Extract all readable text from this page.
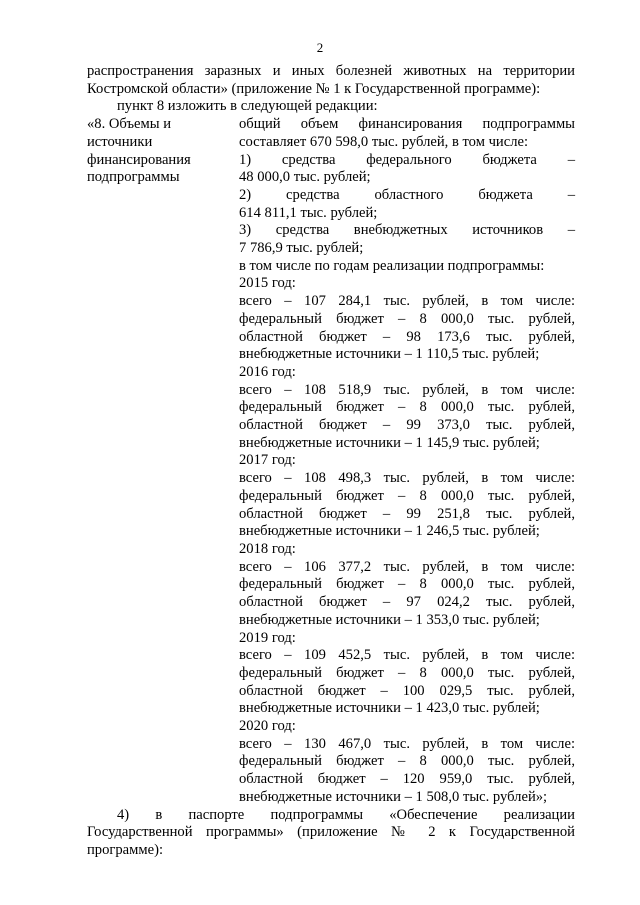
2

распространения заразных и иных болезней животных на территории

Костромской области» (приложение № 1 к Государственной программе):

пункт 8 изложить в следующей редакции:

«8. Объемы и

источники

финансирования

подпрограммы

общий объем финансирования подпрограммы

составляет 670 598,0 тыс. рублей, в том числе:

1) средства федерального бюджета –

48 000,0 тыс. рублей;

2) средства областного бюджета –

614 811,1 тыс. рублей;

3) средства внебюджетных источников –

7 786,9 тыс. рублей;

в том числе по годам реализации подпрограммы:

2015 год:

всего – 107 284,1 тыс. рублей, в том числе:

федеральный бюджет – 8 000,0 тыс. рублей,

областной бюджет – 98 173,6 тыс. рублей,

внебюджетные источники – 1 110,5 тыс. рублей;

2016 год:

всего – 108 518,9 тыс. рублей, в том числе:

федеральный бюджет – 8 000,0 тыс. рублей,

областной бюджет – 99 373,0 тыс. рублей,

внебюджетные источники – 1 145,9 тыс. рублей;

2017 год:

всего – 108 498,3 тыс. рублей, в том числе:

федеральный бюджет – 8 000,0 тыс. рублей,

областной бюджет – 99 251,8 тыс. рублей,

внебюджетные источники – 1 246,5 тыс. рублей;

2018 год:

всего – 106 377,2 тыс. рублей, в том числе:

федеральный бюджет – 8 000,0 тыс. рублей,

областной бюджет – 97 024,2 тыс. рублей,

внебюджетные источники – 1 353,0 тыс. рублей;

2019 год:

всего – 109 452,5 тыс. рублей, в том числе:

федеральный бюджет – 8 000,0 тыс. рублей,

областной бюджет – 100 029,5 тыс. рублей,

внебюджетные источники – 1 423,0 тыс. рублей;

2020 год:

всего – 130 467,0 тыс. рублей, в том числе:

федеральный бюджет – 8 000,0 тыс. рублей,

областной бюджет – 120 959,0 тыс. рублей,

внебюджетные источники – 1 508,0 тыс. рублей»;

4) в паспорте подпрограммы «Обеспечение реализации

Государственной программы» (приложение № 2 к Государственной

программе):
